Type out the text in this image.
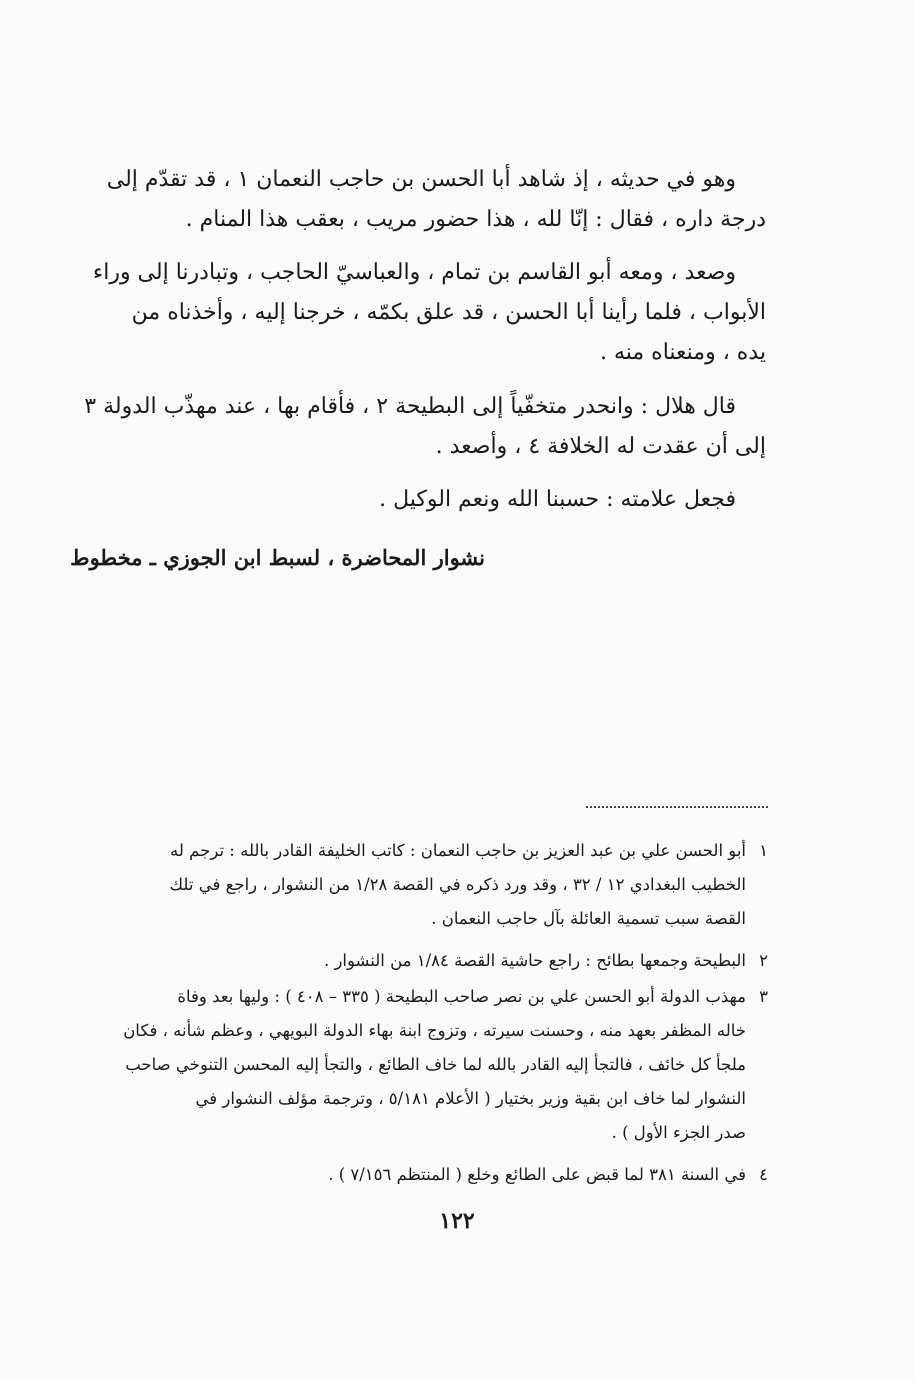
وهو في حديثه ، إذ شاهد أبا الحسن بن حاجب النعمان ١ ، قد تقدّم إلى
درجة داره ، فقال : إنّا لله ، هذا حضور مريب ، بعقب هذا المنام .
وصعد ، ومعه أبو القاسم بن تمام ، والعباسيّ الحاجب ، وتبادرنا إلى وراء
الأبواب ، فلما رأينا أبا الحسن ، قد علق بكمّه ، خرجنا إليه ، وأخذناه من
يده ، ومنعناه منه .
قال هلال : وانحدر متخفّياً إلى البطيحة ٢ ، فأقام بها ، عند مهذّب الدولة ٣
إلى أن عقدت له الخلافة ٤ ، وأصعد .
فجعل علامته : حسبنا الله ونعم الوكيل .
نشوار المحاضرة ، لسبط ابن الجوزي ـ مخطوط
١
أبو الحسن علي بن عبد العزيز بن حاجب النعمان : كاتب الخليفة القادر بالله : ترجم له
الخطيب البغدادي ١٢ / ٣٢ ، وقد ورد ذكره في القصة ١/٢٨ من النشوار ، راجع في تلك
القصة سبب تسمية العائلة بآل حاجب النعمان .
٢
البطيحة وجمعها بطائح : راجع حاشية القصة ١/٨٤ من النشوار .
٣
مهذب الدولة أبو الحسن علي بن نصر صاحب البطيحة ( ٣٣٥ – ٤٠٨ ) : وليها بعد وفاة
خاله المظفر بعهد منه ، وحسنت سيرته ، وتزوج ابنة بهاء الدولة البويهي ، وعظم شأنه ، فكان
ملجأ كل خائف ، فالتجأ إليه القادر بالله لما خاف الطائع ، والتجأ إليه المحسن التنوخي صاحب
النشوار لما خاف ابن بقية وزير بختيار ( الأعلام ٥/١٨١ ، وترجمة مؤلف النشوار في
صدر الجزء الأول ) .
٤
في السنة ٣٨١ لما قبض على الطائع وخلع ( المنتظم ٧/١٥٦ ) .
١٢٢
